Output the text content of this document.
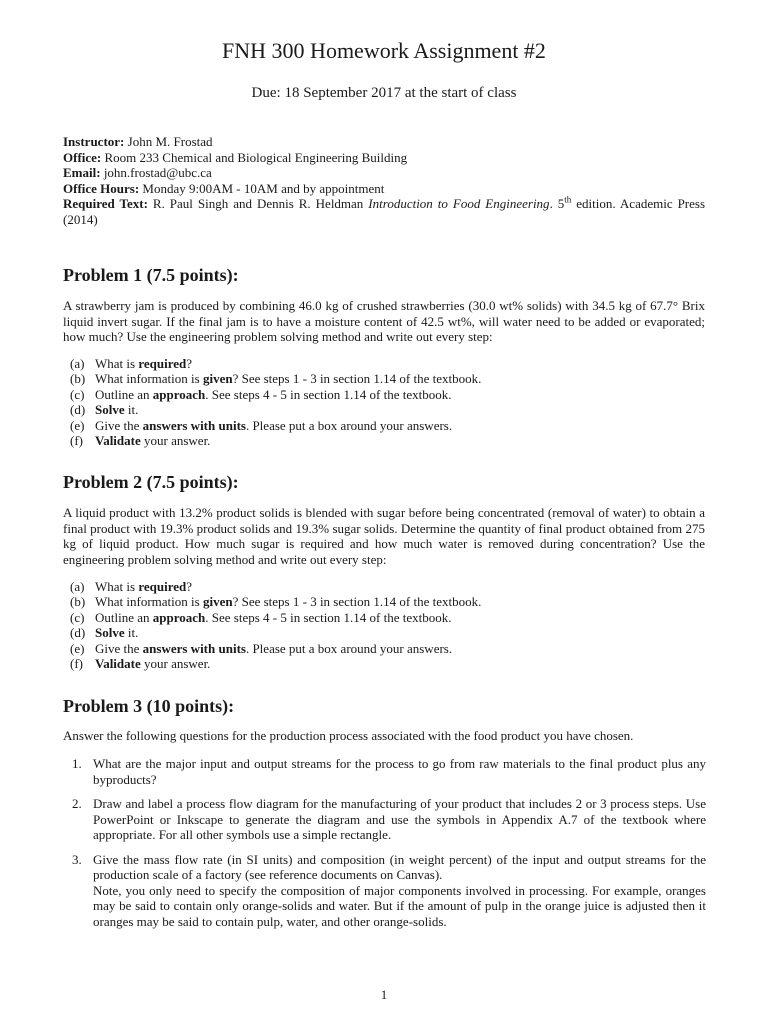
FNH 300 Homework Assignment #2
Due: 18 September 2017 at the start of class

Instructor: John M. Frostad

Office: Room 233 Chemical and Biological Engineering Building

Email: john.frostad@ubc.ca

Office Hours: Monday 9:00AM - 10AM and by appointment

Required Text: R. Paul Singh and Dennis R. Heldman Introduction to Food Engineering. 5th edition. Academic Press (2014)

Problem 1 (7.5 points):

A strawberry jam is produced by combining 46.0 kg of crushed strawberries (30.0 wt% solids) with 34.5 kg of 67.7° Brix liquid invert sugar. If the final jam is to have a moisture content of 42.5 wt%, will water need to be added or evaporated; how much? Use the engineering problem solving method and write out every step:

(a) What is required?
(b) What information is given? See steps 1 - 3 in section 1.14 of the textbook.
(c) Outline an approach. See steps 4 - 5 in section 1.14 of the textbook.
(d) Solve it.
(e) Give the answers with units. Please put a box around your answers.
(f) Validate your answer.
Problem 2 (7.5 points):

A liquid product with 13.2% product solids is blended with sugar before being concentrated (removal of water) to obtain a final product with 19.3% product solids and 19.3% sugar solids. Determine the quantity of final product obtained from 275 kg of liquid product. How much sugar is required and how much water is removed during concentration? Use the engineering problem solving method and write out every step:

(a) What is required?
(b) What information is given? See steps 1 - 3 in section 1.14 of the textbook.
(c) Outline an approach. See steps 4 - 5 in section 1.14 of the textbook.
(d) Solve it.
(e) Give the answers with units. Please put a box around your answers.
(f) Validate your answer.
Problem 3 (10 points):

Answer the following questions for the production process associated with the food product you have chosen.

1. What are the major input and output streams for the process to go from raw materials to the final product plus any byproducts?
2. Draw and label a process flow diagram for the manufacturing of your product that includes 2 or 3 process steps. Use PowerPoint or Inkscape to generate the diagram and use the symbols in Appendix A.7 of the textbook where appropriate. For all other symbols use a simple rectangle.
3. Give the mass flow rate (in SI units) and composition (in weight percent) of the input and output streams for the production scale of a factory (see reference documents on Canvas).
Note, you only need to specify the composition of major components involved in processing. For example, oranges may be said to contain only orange-solids and water. But if the amount of pulp in the orange juice is adjusted then it oranges may be said to contain pulp, water, and other orange-solids.
1
